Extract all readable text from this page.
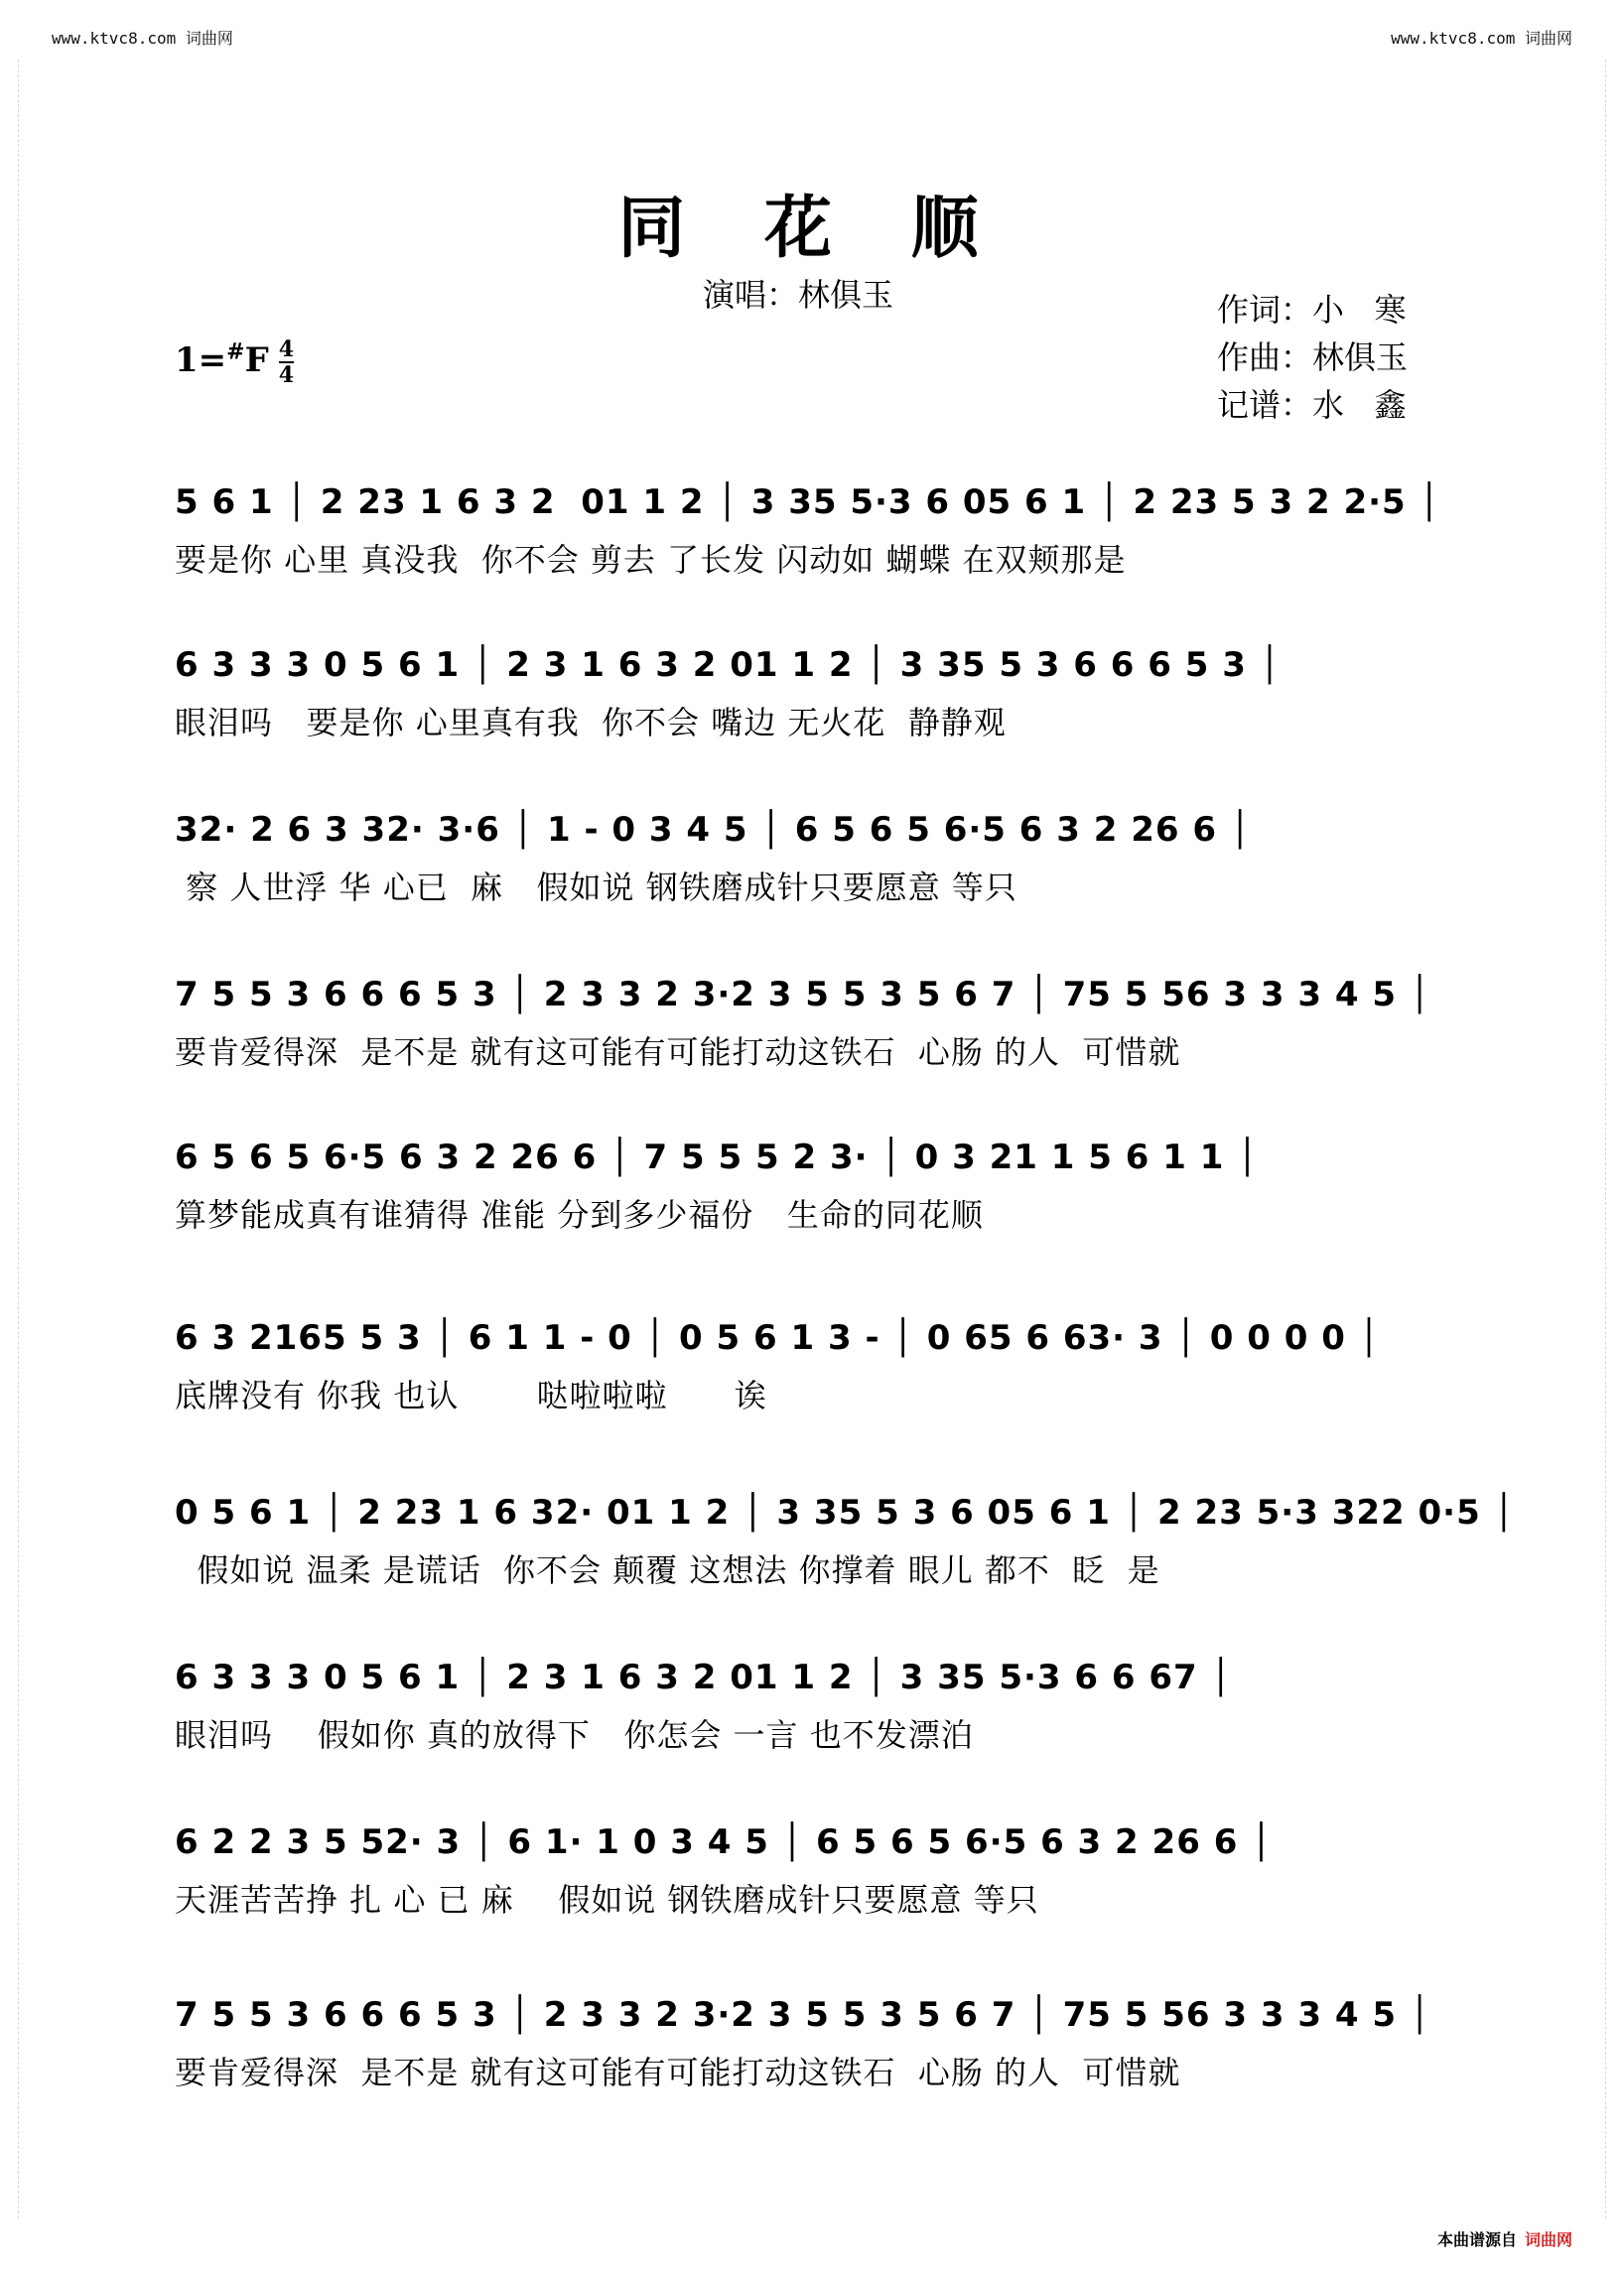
www.ktvc8.com 词曲网	www.ktvc8.com 词曲网
同 花 顺
演唱：林俱玉	作词：小   寒
作曲：林俱玉
记谱：水   鑫
$1=^{\#}F \frac{4}{4}$
5 6 1 │ 2 23 1 6 3 2  01 1 2 │ 3 35 5·3 6 05 6 1 │ 2 23 5 3 2 2·5 │
要是你 心里 真没我  你不会 剪去 了长发 闪动如 蝴蝶 在双颊那是
6 3 3 3 0 5 6 1 │ 2 3 1 6 3 2 01 1 2 │ 3 35 5 3 6 6 6 5 3 │
眼泪吗   要是你 心里真有我  你不会 嘴边 无火花  静静观
32· 2 6 3 32· 3·6 │ 1 - 0 3 4 5 │ 6 5 6 5 6·5 6 3 2 26 6 │
察 人世浮 华 心已  麻   假如说 钢铁磨成针只要愿意 等只
7 5 5 3 6 6 6 5 3 │ 2 3 3 2 3·2 3 5 5 3 5 6 7 │ 75 5 56 3 3 3 4 5 │
要肯爱得深  是不是 就有这可能有可能打动这铁石  心肠 的人  可惜就
6 5 6 5 6·5 6 3 2 26 6 │ 7 5 5 5 2 3· │ 0 3 21 1 5 6 1 1 │
算梦能成真有谁猜得 准能 分到多少福份   生命的同花顺
6 3 2165 5 3 │ 6 1 1 - 0 │ 0 5 6 1 3 - │ 0 65 6 63· 3 │ 0 0 0 0 │
底牌没有 你我 也认       哒啦啦啦      诶
0 5 6 1 │ 2 23 1 6 32· 01 1 2 │ 3 35 5 3 6 05 6 1 │ 2 23 5·3 322 0·5 │
假如说 温柔 是谎话  你不会 颠覆 这想法 你撑着 眼儿 都不  眨  是
6 3 3 3 0 5 6 1 │ 2 3 1 6 3 2 01 1 2 │ 3 35 5·3 6 6 67 │
眼泪吗    假如你 真的放得下   你怎会 一言 也不发漂泊
6 2 2 3 5 52· 3 │ 6 1· 1 0 3 4 5 │ 6 5 6 5 6·5 6 3 2 26 6 │
天涯苦苦挣 扎 心 已 麻    假如说 钢铁磨成针只要愿意 等只
7 5 5 3 6 6 6 5 3 │ 2 3 3 2 3·2 3 5 5 3 5 6 7 │ 75 5 56 3 3 3 4 5 │
要肯爱得深  是不是 就有这可能有可能打动这铁石  心肠 的人  可惜就
本曲谱源自 词曲网
